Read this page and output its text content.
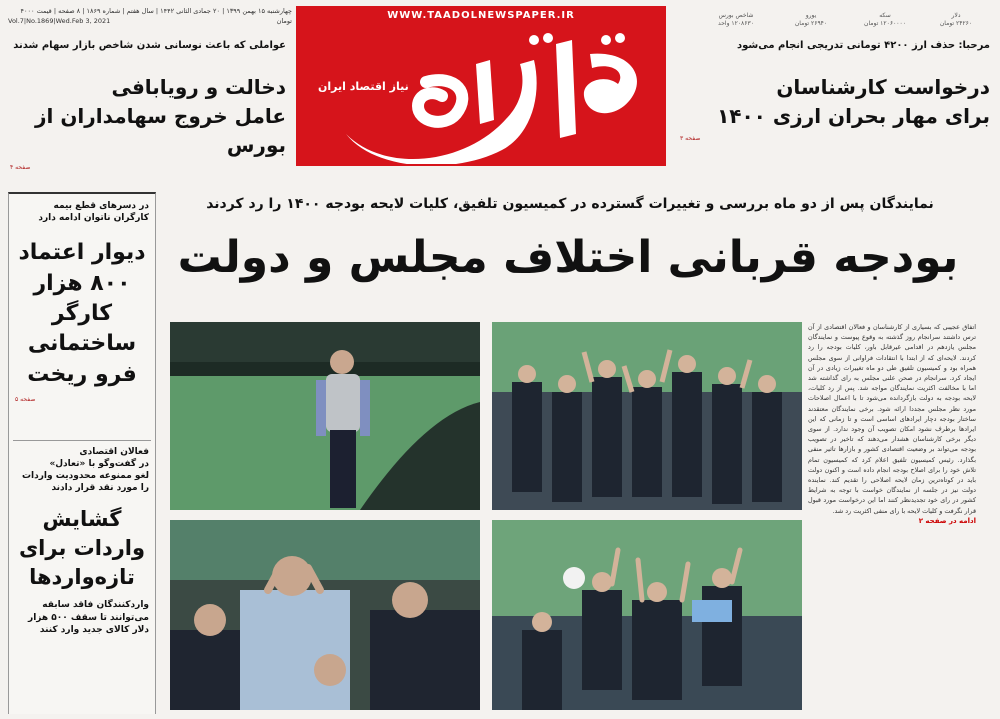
دلار
۲۴۲۶۰ تومان
سکه
۱۲۰۶۰۰۰۰ تومان
یورو
۲۶۹۴۰ تومان
شاخص بورس
۱۲۰۸۶۳۰ واحد
چهارشنبه ۱۵ بهمن ۱۳۹۹ | ۲۰ جمادی الثانی ۱۴۴۲ | سال هفتم | شماره ۱۸۶۹ | ۸ صفحه | قیمت ۴۰۰۰ تومان
Vol.7|No.1869|Wed.Feb 3, 2021	WWW.TAADOLNEWSPAPER.IR
نیاز اقتصاد ایران
مرحبا: حذف ارز ۴۲۰۰ تومانی تدریجی انجام می‌شود
درخواست کارشناسان
برای مهار بحران ارزی ۱۴۰۰
صفحه ۳
عواملی که باعث نوسانی شدن شاخص بازار سهام شدند
دخالت و رویابافی
عامل خروج سهامداران از بورس
صفحه ۴
نمایندگان پس از دو ماه بررسی و تغییرات گسترده در کمیسیون تلفیق، کلیات لایحه بودجه ۱۴۰۰ را رد کردند
بودجه قربانی اختلاف مجلس و دولت
در دسرهای قطع بیمه
کارگران ناتوان ادامه دارد
دیوار اعتماد
۸۰۰ هزار
کارگر
ساختمانی
فرو ریخت
صفحه ۵
فعالان اقتصادی
در گفت‌وگو با «تعادل»
لغو ممنوعه محدودیت واردات
را مورد نقد قرار دادند
گشایش
واردات برای
تازه‌واردها
واردکنندگان فاقد سابقه
می‌توانند تا سقف ۵۰۰ هزار
دلار کالای جدید وارد کنند
اتفاق عجیبی که بسیاری از کارشناسان و فعالان اقتصادی از آن ترس داشتند سرانجام روز گذشته به وقوع پیوست و نمایندگان مجلس یازدهم در اقدامی غیرقابل باور، کلیات بودجه را رد کردند. لایحه‌ای که از ابتدا با انتقادات فراوانی از سوی مجلس همراه بود و کمیسیون تلفیق طی دو ماه تغییرات زیادی در آن ایجاد کرد. سرانجام در صحن علنی مجلس به رای گذاشته شد اما با مخالفت اکثریت نمایندگان مواجه شد. پس از رد کلیات، لایحه بودجه به دولت بازگردانده می‌شود تا با اعمال اصلاحات مورد نظر مجلس مجددا ارائه شود. برخی نمایندگان معتقدند ساختار بودجه دچار ایرادهای اساسی است و تا زمانی که این ایرادها برطرف نشود امکان تصویب آن وجود ندارد. از سوی دیگر برخی کارشناسان هشدار می‌دهند که تاخیر در تصویب بودجه می‌تواند بر وضعیت اقتصادی کشور و بازارها تاثیر منفی بگذارد. رئیس کمیسیون تلفیق اعلام کرد که کمیسیون تمام تلاش خود را برای اصلاح بودجه انجام داده است و اکنون دولت باید در کوتاه‌ترین زمان لایحه اصلاحی را تقدیم کند. نماینده دولت نیز در جلسه از نمایندگان خواست با توجه به شرایط کشور در رای خود تجدیدنظر کنند اما این درخواست مورد قبول قرار نگرفت و کلیات لایحه با رای منفی اکثریت رد شد.
ادامه در صفحه ۲
